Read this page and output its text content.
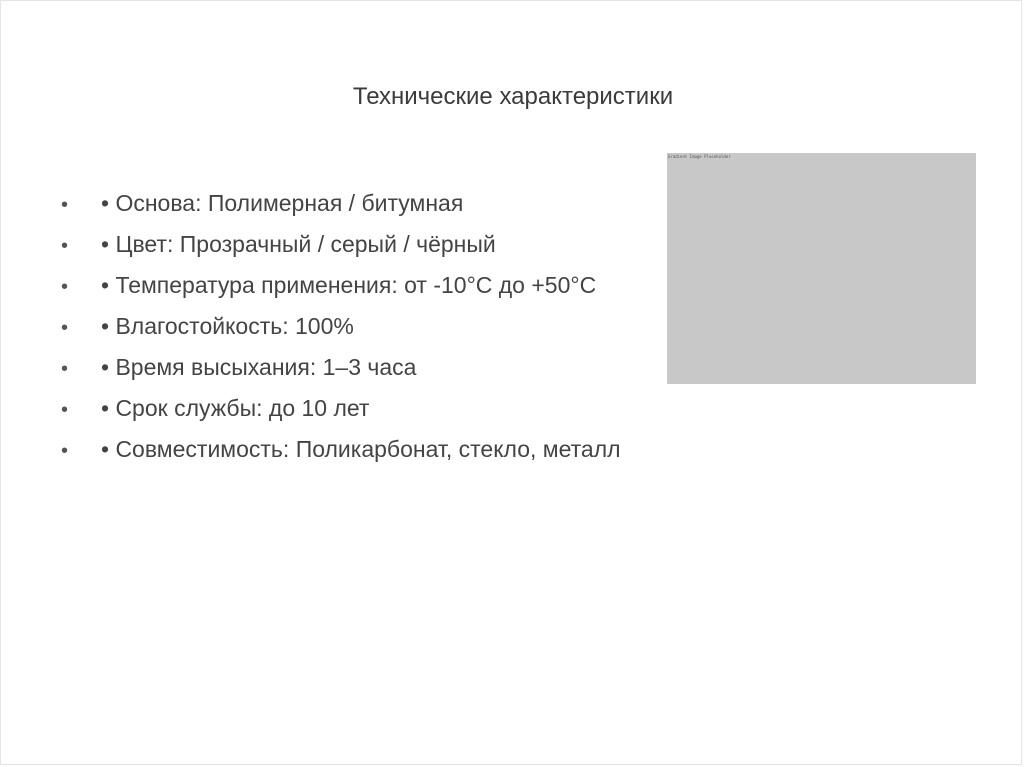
Технические характеристики
• • Основа: Полимерная / битумная
• • Цвет: Прозрачный / серый / чёрный
• • Температура применения: от -10°С до +50°С
• • Влагостойкость: 100%
• • Время высыхания: 1–3 часа
• • Срок службы: до 10 лет
• • Совместимость: Поликарбонат, стекло, металл
Gradient Image Placeholder
